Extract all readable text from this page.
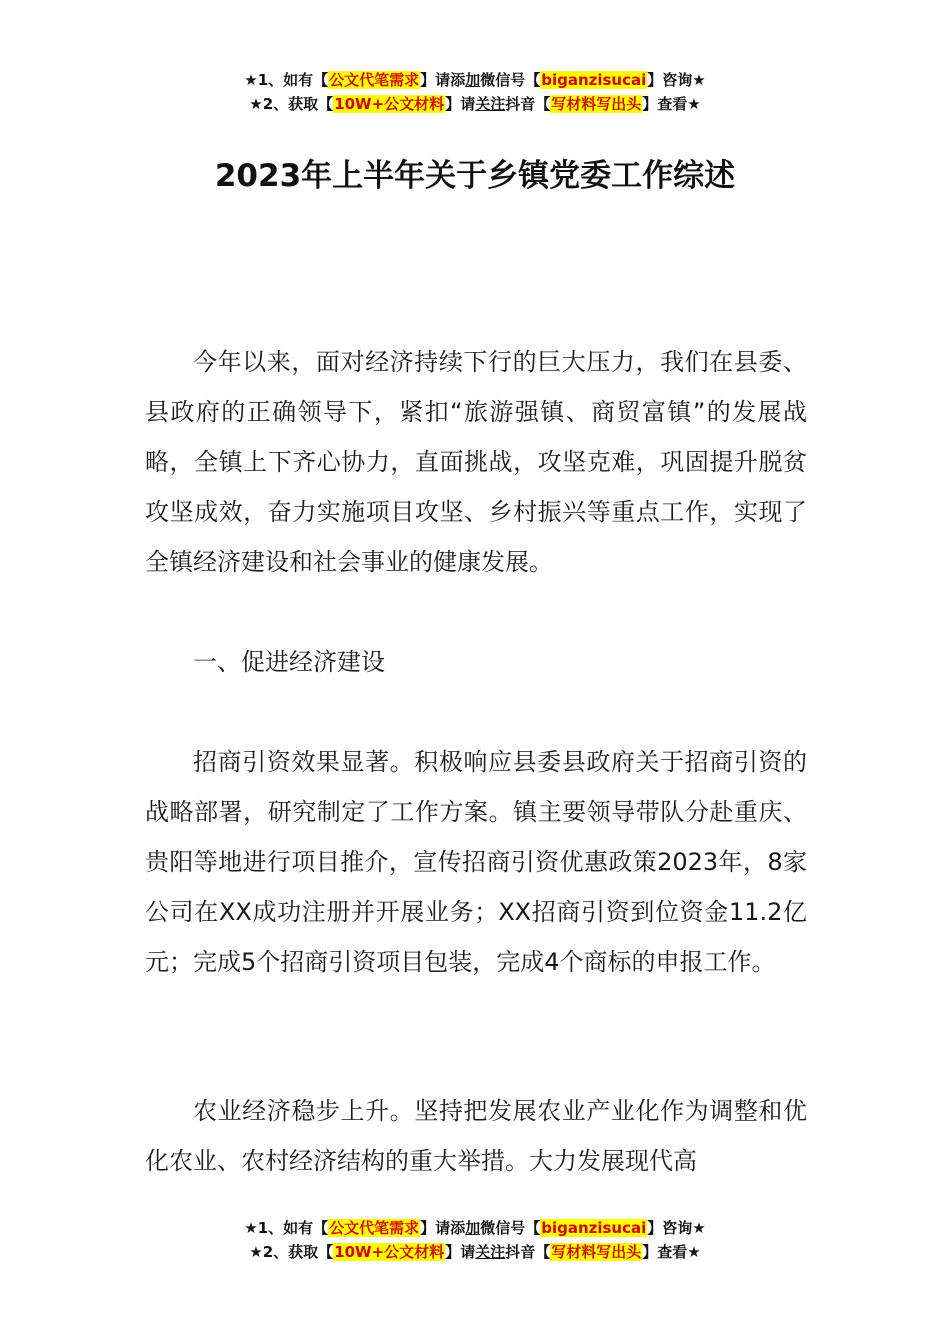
★1、如有【公文代笔需求】请添加微信号【biganzisucai】咨询★
★2、获取【10W+公文材料】请关注抖音【写材料写出头】查看★
2023年上半年关于乡镇党委工作综述

今年以来，面对经济持续下行的巨大压力，我们在县委、县政府的正确领导下，紧扣“旅游强镇、商贸富镇”的发展战略，全镇上下齐心协力，直面挑战，攻坚克难，巩固提升脱贫攻坚成效，奋力实施项目攻坚、乡村振兴等重点工作，实现了全镇经济建设和社会事业的健康发展。

一、促进经济建设

招商引资效果显著。积极响应县委县政府关于招商引资的战略部署，研究制定了工作方案。镇主要领导带队分赴重庆、贵阳等地进行项目推介，宣传招商引资优惠政策2023年，8家公司在XX成功注册并开展业务；XX招商引资到位资金11.2亿元；完成5个招商引资项目包装，完成4个商标的申报工作。

农业经济稳步上升。坚持把发展农业产业化作为调整和优化农业、农村经济结构的重大举措。大力发展现代高

★1、如有【公文代笔需求】请添加微信号【biganzisucai】咨询★
★2、获取【10W+公文材料】请关注抖音【写材料写出头】查看★
